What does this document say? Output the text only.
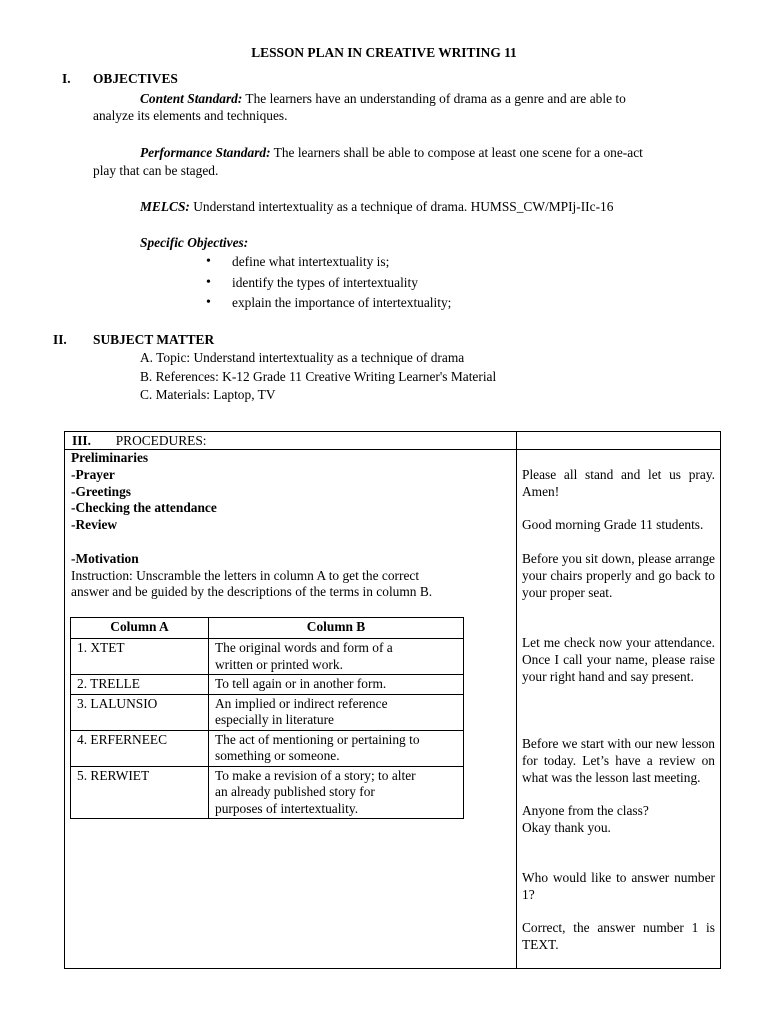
LESSON PLAN IN CREATIVE WRITING 11
I. OBJECTIVES
Content Standard: The learners have an understanding of drama as a genre and are able to
analyze its elements and techniques.
Performance Standard: The learners shall be able to compose at least one scene for a one-act
play that can be staged.
MELCS: Understand intertextuality as a technique of drama. HUMSS_CW/MPIj-IIc-16
Specific Objectives:
• define what intertextuality is;
• identify the types of intertextuality
• explain the importance of intertextuality;
II. SUBJECT MATTER
A. Topic: Understand intertextuality as a technique of drama
B. References: K-12 Grade 11 Creative Writing Learner's Material
C. Materials: Laptop, TV
III. PROCEDURES:
Preliminaries
-Prayer
-Greetings
-Checking the attendance
-Review
-Motivation
Instruction: Unscramble the letters in column A to get the correct
answer and be guided by the descriptions of the terms in column B.
Column A	Column B
1. XTET	The original words and form of a
written or printed work.

2. TRELLE	To tell again or in another form.

3. LALUNSIO	An implied or indirect reference
especially in literature

4. ERFERNEEC	The act of mentioning or pertaining to
something or someone.

5. RERWIET	To make a revision of a story; to alter
an already published story for
purposes of intertextuality.

Please all stand and let us pray. Amen!

Good morning Grade 11 students.

Before you sit down, please arrange your chairs properly and go back to your proper seat.

Let me check now your attendance. Once I call your name, please raise your right hand and say present.

Before we start with our new lesson for today. Let’s have a review on what was the lesson last meeting.

Anyone from the class?

Okay thank you.

Who would like to answer number 1?

Correct, the answer number 1 is TEXT.
